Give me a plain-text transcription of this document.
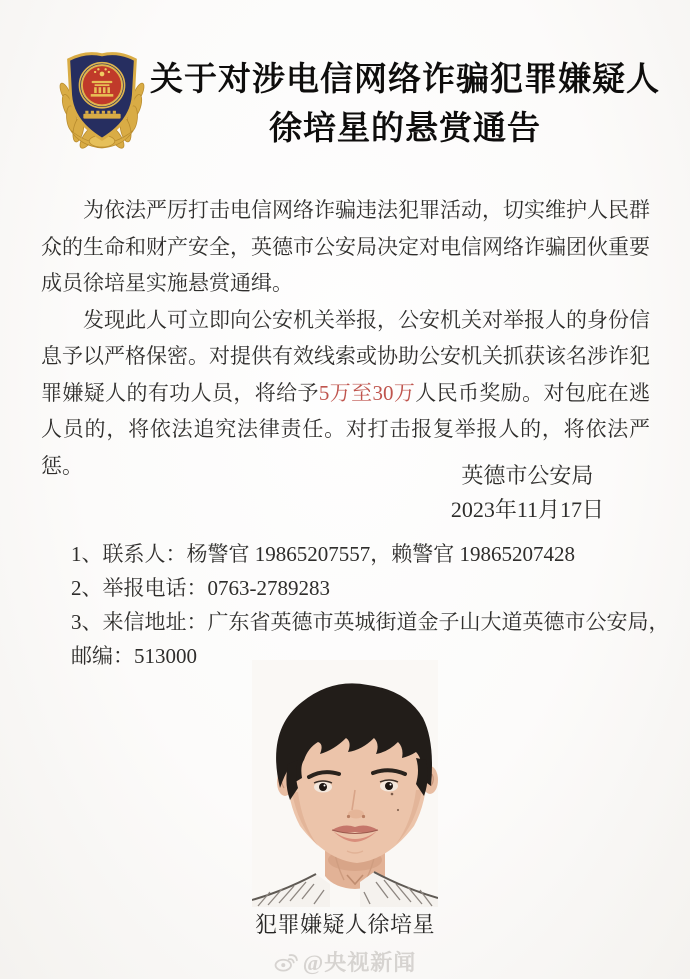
关于对涉电信网络诈骗犯罪嫌疑人
徐培星的悬赏通告

为依法严厉打击电信网络诈骗违法犯罪活动，切实维护人民群众的生命和财产安全，英德市公安局决定对电信网络诈骗团伙重要成员徐培星实施悬赏通缉。

发现此人可立即向公安机关举报，公安机关对举报人的身份信息予以严格保密。对提供有效线索或协助公安机关抓获该名涉诈犯罪嫌疑人的有功人员，将给予5万至30万人民币奖励。对包庇在逃人员的，将依法追究法律责任。对打击报复举报人的，将依法严惩。	英德市公安局
2023年11月17日
1、联系人：杨警官 19865207557，赖警官 19865207428
2、举报电话：0763-2789283
3、来信地址：广东省英德市英城街道金子山大道英德市公安局，
邮编：513000
犯罪嫌疑人徐培星
@央视新闻
